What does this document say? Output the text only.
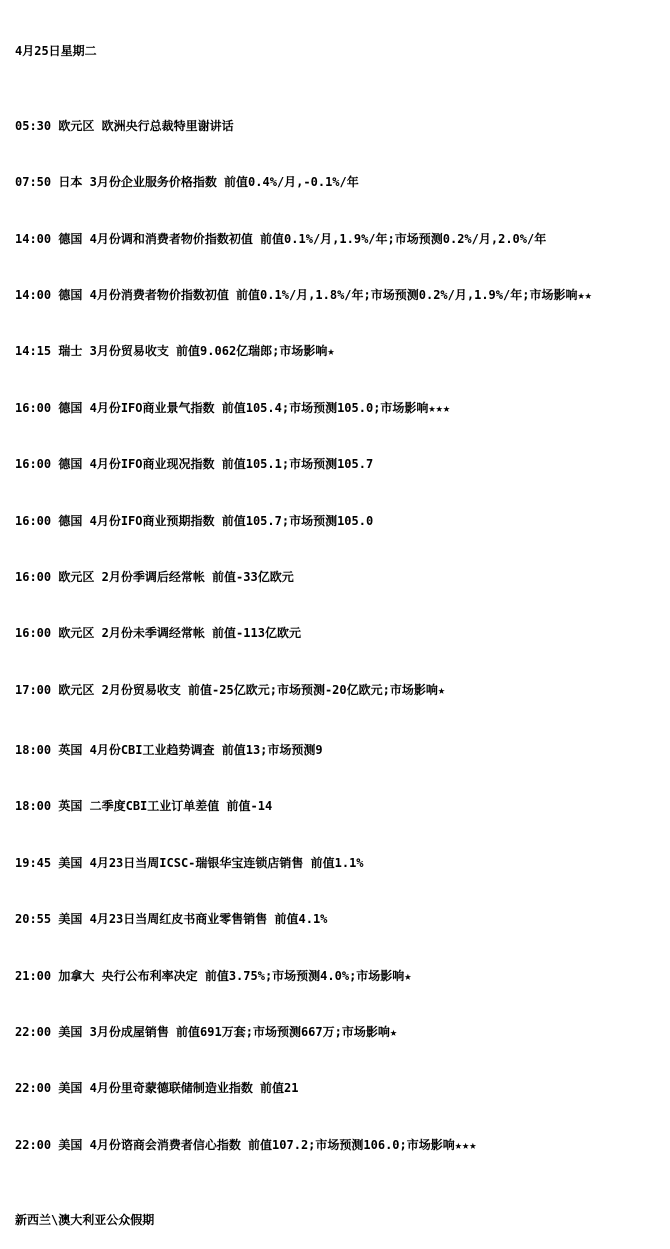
4月25日星期二

05:30 欧元区 欧洲央行总裁特里谢讲话

07:50 日本 3月份企业服务价格指数 前值0.4%/月,-0.1%/年

14:00 德国 4月份调和消费者物价指数初值 前值0.1%/月,1.9%/年;市场预测0.2%/月,2.0%/年

14:00 德国 4月份消费者物价指数初值 前值0.1%/月,1.8%/年;市场预测0.2%/月,1.9%/年;市场影响★★

14:15 瑞士 3月份贸易收支 前值9.062亿瑞郎;市场影响★

16:00 德国 4月份IFO商业景气指数 前值105.4;市场预测105.0;市场影响★★★

16:00 德国 4月份IFO商业现况指数 前值105.1;市场预测105.7

16:00 德国 4月份IFO商业预期指数 前值105.7;市场预测105.0

16:00 欧元区 2月份季调后经常帐 前值-33亿欧元

16:00 欧元区 2月份未季调经常帐 前值-113亿欧元

17:00 欧元区 2月份贸易收支 前值-25亿欧元;市场预测-20亿欧元;市场影响★

18:00 英国 4月份CBI工业趋势调查 前值13;市场预测9

18:00 英国 二季度CBI工业订单差值 前值-14

19:45 美国 4月23日当周ICSC-瑞银华宝连锁店销售 前值1.1%

20:55 美国 4月23日当周红皮书商业零售销售 前值4.1%

21:00 加拿大 央行公布利率决定 前值3.75%;市场预测4.0%;市场影响★

22:00 美国 3月份成屋销售 前值691万套;市场预测667万;市场影响★

22:00 美国 4月份里奇蒙德联储制造业指数 前值21

22:00 美国 4月份谘商会消费者信心指数 前值107.2;市场预测106.0;市场影响★★★

新西兰\澳大利亚公众假期
